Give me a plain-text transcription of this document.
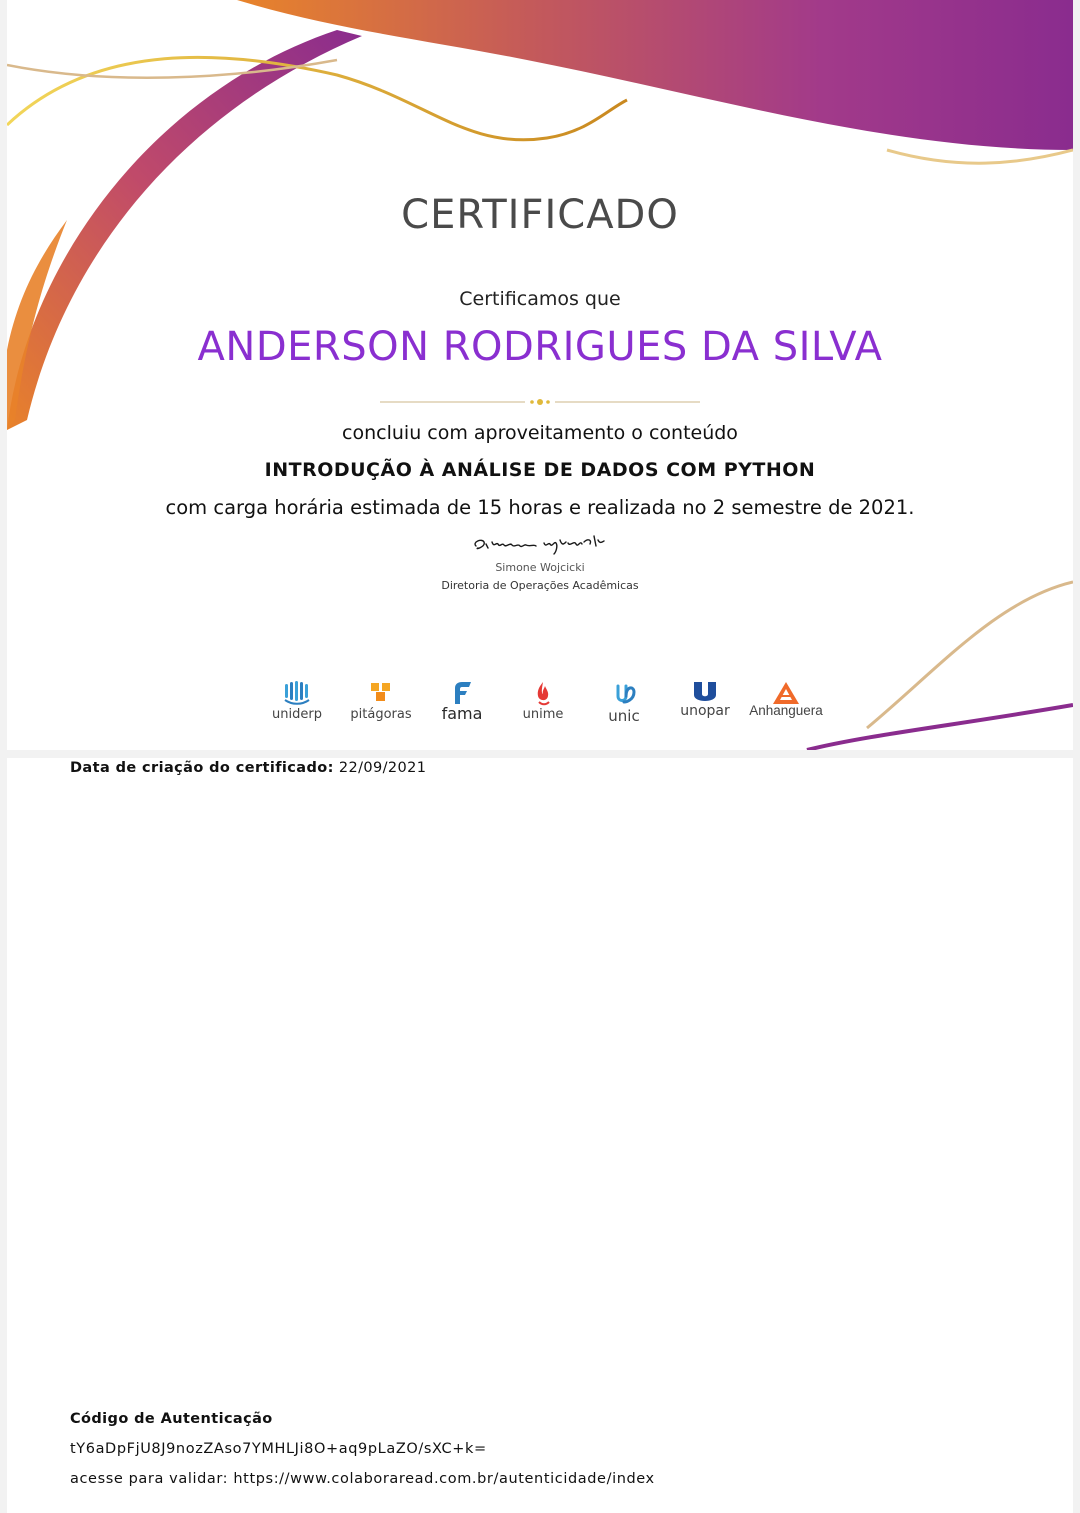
CERTIFICADO
Certificamos que
ANDERSON RODRIGUES DA SILVA
concluiu com aproveitamento o conteúdo
INTRODUÇÃO À ANÁLISE DE DADOS COM PYTHON
com carga horária estimada de 15 horas e realizada no 2 semestre de 2021.
Simone Wojcicki
Diretoria de Operações Acadêmicas
uniderp	pitágoras	fama	unime	unic	unopar	Anhanguera
Data de criação do certificado: 22/09/2021
Código de Autenticação
tY6aDpFjU8J9nozZAso7YMHLJi8O+aq9pLaZO/sXC+k=
acesse para validar: https://www.colaboraread.com.br/autenticidade/index
